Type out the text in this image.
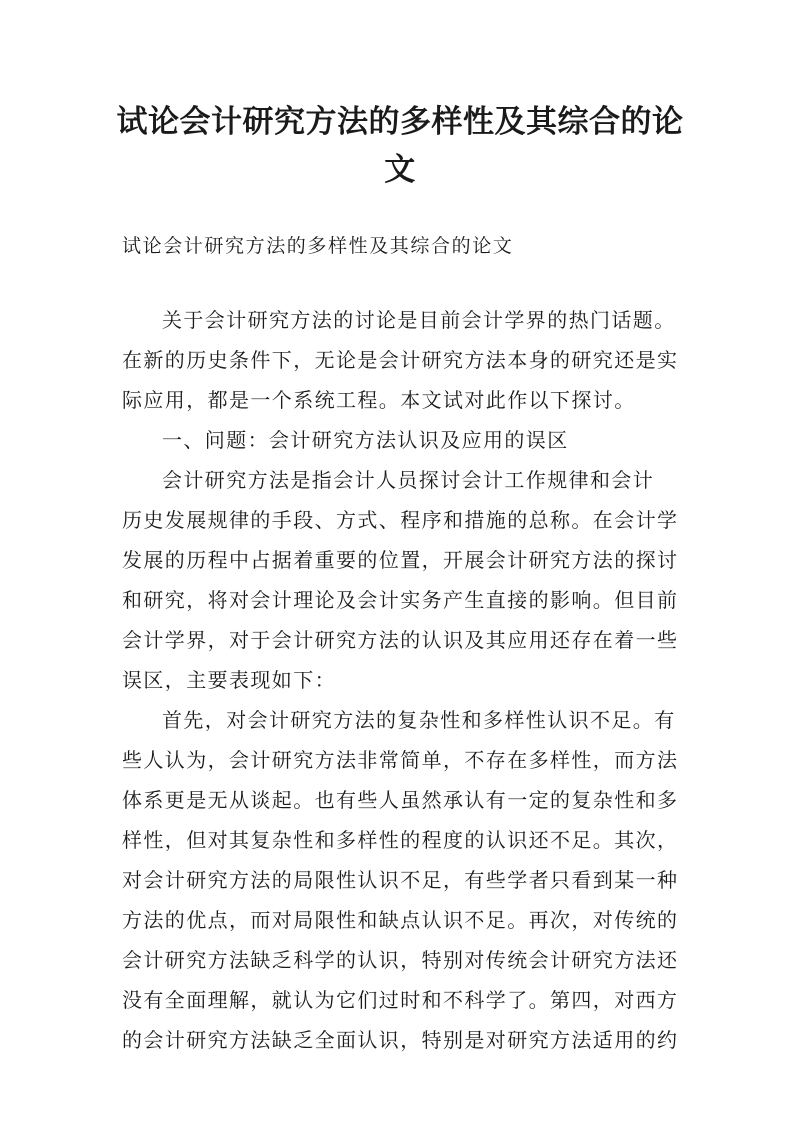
试论会计研究方法的多样性及其综合的论
文
试论会计研究方法的多样性及其综合的论文
关于会计研究方法的讨论是目前会计学界的热门话题。
在新的历史条件下，无论是会计研究方法本身的研究还是实
际应用，都是一个系统工程。本文试对此作以下探讨。
一、问题：会计研究方法认识及应用的误区
会计研究方法是指会计人员探讨会计工作规律和会计
历史发展规律的手段、方式、程序和措施的总称。在会计学
发展的历程中占据着重要的位置，开展会计研究方法的探讨
和研究，将对会计理论及会计实务产生直接的影响。但目前
会计学界，对于会计研究方法的认识及其应用还存在着一些
误区，主要表现如下：
首先，对会计研究方法的复杂性和多样性认识不足。有
些人认为，会计研究方法非常简单，不存在多样性，而方法
体系更是无从谈起。也有些人虽然承认有一定的复杂性和多
样性，但对其复杂性和多样性的程度的认识还不足。其次，
对会计研究方法的局限性认识不足，有些学者只看到某一种
方法的优点，而对局限性和缺点认识不足。再次，对传统的
会计研究方法缺乏科学的认识，特别对传统会计研究方法还
没有全面理解，就认为它们过时和不科学了。第四，对西方
的会计研究方法缺乏全面认识，特别是对研究方法适用的约
